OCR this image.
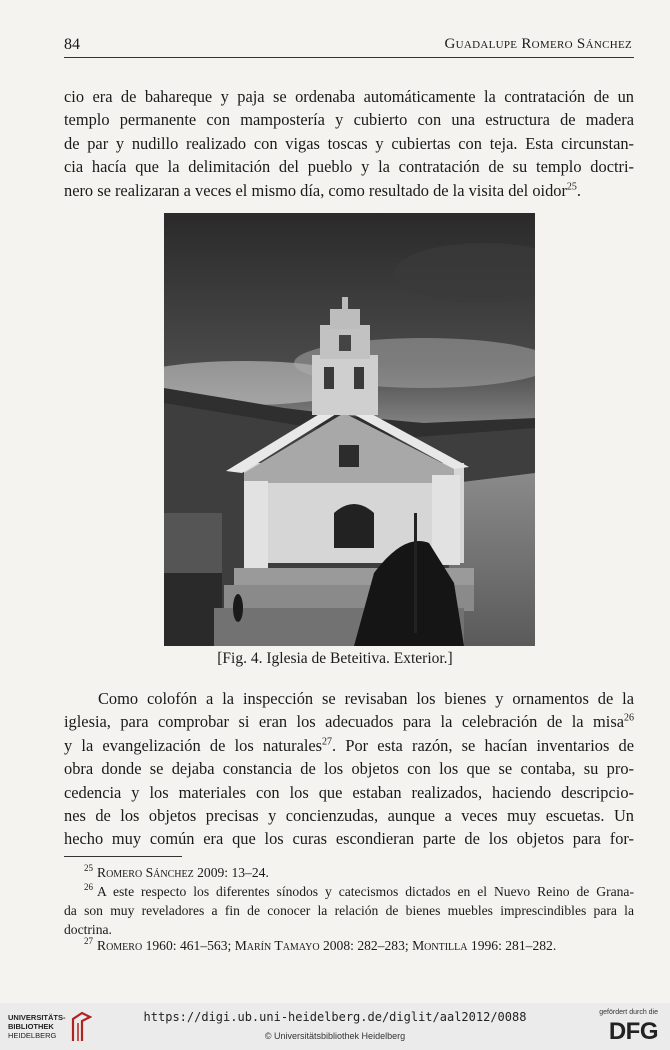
84	Guadalupe Romero Sánchez
cio era de bahareque y paja se ordenaba automáticamente la contratación de un
templo permanente con mampostería y cubierto con una estructura de madera
de par y nudillo realizado con vigas toscas y cubiertas con teja. Esta circunstan-
cia hacía que la delimitación del pueblo y la contratación de su templo doctri-
nero se realizaran a veces el mismo día, como resultado de la visita del oidor$^{25}$.
[Fig. 4. Iglesia de Beteitiva. Exterior.]
Como colofón a la inspección se revisaban los bienes y ornamentos de la
iglesia, para comprobar si eran los adecuados para la celebración de la misa$^{26}$
y la evangelización de los naturales$^{27}$. Por esta razón, se hacían inventarios de
obra donde se dejaba constancia de los objetos con los que se contaba, su pro-
cedencia y los materiales con los que estaban realizados, haciendo descripcio-
nes de los objetos precisas y concienzudas, aunque a veces muy escuetas. Un
hecho muy común era que los curas escondieran parte de los objetos para for-
$^{25}$ Romero Sánchez 2009: 13–24.
$^{26}$ A este respecto los diferentes sínodos y catecismos dictados en el Nuevo Reino de Grana-
da son muy reveladores a fin de conocer la relación de bienes muebles imprescindibles para la
doctrina.
$^{27}$ Romero 1960: 461–563; Marín Tamayo 2008: 282–283; Montilla 1996: 281–282.
UNIVERSITÄTS-
BIBLIOTHEK
HEIDELBERG
https://digi.ub.uni-heidelberg.de/diglit/aal2012/0088
© Universitätsbibliothek Heidelberg
gefördert durch die
DFG
